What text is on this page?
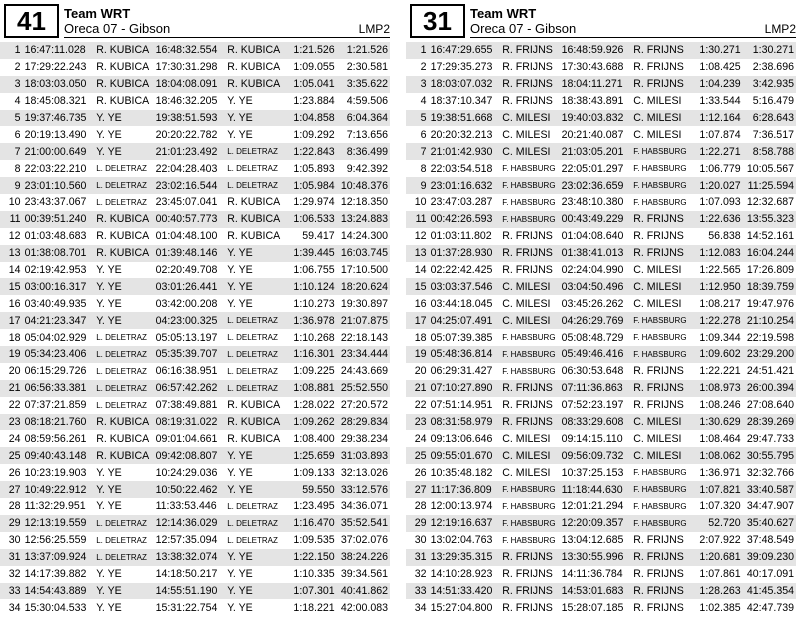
41	Team WRT
Oreca 07 - Gibson	LMP2
1	16:47:11.028	R. KUBICA	16:48:32.554	R. KUBICA	1:21.526	1:21.526
2	17:29:22.243	R. KUBICA	17:30:31.298	R. KUBICA	1:09.055	2:30.581
3	18:03:03.050	R. KUBICA	18:04:08.091	R. KUBICA	1:05.041	3:35.622
4	18:45:08.321	R. KUBICA	18:46:32.205	Y. YE	1:23.884	4:59.506
5	19:37:46.735	Y. YE	19:38:51.593	Y. YE	1:04.858	6:04.364
6	20:19:13.490	Y. YE	20:20:22.782	Y. YE	1:09.292	7:13.656
7	21:00:00.649	Y. YE	21:01:23.492	L. DELETRAZ	1:22.843	8:36.499
8	22:03:22.210	L. DELETRAZ	22:04:28.403	L. DELETRAZ	1:05.893	9:42.392
9	23:01:10.560	L. DELETRAZ	23:02:16.544	L. DELETRAZ	1:05.984	10:48.376
10	23:43:37.067	L. DELETRAZ	23:45:07.041	R. KUBICA	1:29.974	12:18.350
11	00:39:51.240	R. KUBICA	00:40:57.773	R. KUBICA	1:06.533	13:24.883
12	01:03:48.683	R. KUBICA	01:04:48.100	R. KUBICA	59.417	14:24.300
13	01:38:08.701	R. KUBICA	01:39:48.146	Y. YE	1:39.445	16:03.745
14	02:19:42.953	Y. YE	02:20:49.708	Y. YE	1:06.755	17:10.500
15	03:00:16.317	Y. YE	03:01:26.441	Y. YE	1:10.124	18:20.624
16	03:40:49.935	Y. YE	03:42:00.208	Y. YE	1:10.273	19:30.897
17	04:21:23.347	Y. YE	04:23:00.325	L. DELETRAZ	1:36.978	21:07.875
18	05:04:02.929	L. DELETRAZ	05:05:13.197	L. DELETRAZ	1:10.268	22:18.143
19	05:34:23.406	L. DELETRAZ	05:35:39.707	L. DELETRAZ	1:16.301	23:34.444
20	06:15:29.726	L. DELETRAZ	06:16:38.951	L. DELETRAZ	1:09.225	24:43.669
21	06:56:33.381	L. DELETRAZ	06:57:42.262	L. DELETRAZ	1:08.881	25:52.550
22	07:37:21.859	L. DELETRAZ	07:38:49.881	R. KUBICA	1:28.022	27:20.572
23	08:18:21.760	R. KUBICA	08:19:31.022	R. KUBICA	1:09.262	28:29.834
24	08:59:56.261	R. KUBICA	09:01:04.661	R. KUBICA	1:08.400	29:38.234
25	09:40:43.148	R. KUBICA	09:42:08.807	Y. YE	1:25.659	31:03.893
26	10:23:19.903	Y. YE	10:24:29.036	Y. YE	1:09.133	32:13.026
27	10:49:22.912	Y. YE	10:50:22.462	Y. YE	59.550	33:12.576
28	11:32:29.951	Y. YE	11:33:53.446	L. DELETRAZ	1:23.495	34:36.071
29	12:13:19.559	L. DELETRAZ	12:14:36.029	L. DELETRAZ	1:16.470	35:52.541
30	12:56:25.559	L. DELETRAZ	12:57:35.094	L. DELETRAZ	1:09.535	37:02.076
31	13:37:09.924	L. DELETRAZ	13:38:32.074	Y. YE	1:22.150	38:24.226
32	14:17:39.882	Y. YE	14:18:50.217	Y. YE	1:10.335	39:34.561
33	14:54:43.889	Y. YE	14:55:51.190	Y. YE	1:07.301	40:41.862
34	15:30:04.533	Y. YE	15:31:22.754	Y. YE	1:18.221	42:00.083
31	Team WRT
Oreca 07 - Gibson	LMP2
1	16:47:29.655	R. FRIJNS	16:48:59.926	R. FRIJNS	1:30.271	1:30.271
2	17:29:35.273	R. FRIJNS	17:30:43.688	R. FRIJNS	1:08.425	2:38.696
3	18:03:07.032	R. FRIJNS	18:04:11.271	R. FRIJNS	1:04.239	3:42.935
4	18:37:10.347	R. FRIJNS	18:38:43.891	C. MILESI	1:33.544	5:16.479
5	19:38:51.668	C. MILESI	19:40:03.832	C. MILESI	1:12.164	6:28.643
6	20:20:32.213	C. MILESI	20:21:40.087	C. MILESI	1:07.874	7:36.517
7	21:01:42.930	C. MILESI	21:03:05.201	F. HABSBURG	1:22.271	8:58.788
8	22:03:54.518	F. HABSBURG	22:05:01.297	F. HABSBURG	1:06.779	10:05.567
9	23:01:16.632	F. HABSBURG	23:02:36.659	F. HABSBURG	1:20.027	11:25.594
10	23:47:03.287	F. HABSBURG	23:48:10.380	F. HABSBURG	1:07.093	12:32.687
11	00:42:26.593	F. HABSBURG	00:43:49.229	R. FRIJNS	1:22.636	13:55.323
12	01:03:11.802	R. FRIJNS	01:04:08.640	R. FRIJNS	56.838	14:52.161
13	01:37:28.930	R. FRIJNS	01:38:41.013	R. FRIJNS	1:12.083	16:04.244
14	02:22:42.425	R. FRIJNS	02:24:04.990	C. MILESI	1:22.565	17:26.809
15	03:03:37.546	C. MILESI	03:04:50.496	C. MILESI	1:12.950	18:39.759
16	03:44:18.045	C. MILESI	03:45:26.262	C. MILESI	1:08.217	19:47.976
17	04:25:07.491	C. MILESI	04:26:29.769	F. HABSBURG	1:22.278	21:10.254
18	05:07:39.385	F. HABSBURG	05:08:48.729	F. HABSBURG	1:09.344	22:19.598
19	05:48:36.814	F. HABSBURG	05:49:46.416	F. HABSBURG	1:09.602	23:29.200
20	06:29:31.427	F. HABSBURG	06:30:53.648	R. FRIJNS	1:22.221	24:51.421
21	07:10:27.890	R. FRIJNS	07:11:36.863	R. FRIJNS	1:08.973	26:00.394
22	07:51:14.951	R. FRIJNS	07:52:23.197	R. FRIJNS	1:08.246	27:08.640
23	08:31:58.979	R. FRIJNS	08:33:29.608	C. MILESI	1:30.629	28:39.269
24	09:13:06.646	C. MILESI	09:14:15.110	C. MILESI	1:08.464	29:47.733
25	09:55:01.670	C. MILESI	09:56:09.732	C. MILESI	1:08.062	30:55.795
26	10:35:48.182	C. MILESI	10:37:25.153	F. HABSBURG	1:36.971	32:32.766
27	11:17:36.809	F. HABSBURG	11:18:44.630	F. HABSBURG	1:07.821	33:40.587
28	12:00:13.974	F. HABSBURG	12:01:21.294	F. HABSBURG	1:07.320	34:47.907
29	12:19:16.637	F. HABSBURG	12:20:09.357	F. HABSBURG	52.720	35:40.627
30	13:02:04.763	F. HABSBURG	13:04:12.685	R. FRIJNS	2:07.922	37:48.549
31	13:29:35.315	R. FRIJNS	13:30:55.996	R. FRIJNS	1:20.681	39:09.230
32	14:10:28.923	R. FRIJNS	14:11:36.784	R. FRIJNS	1:07.861	40:17.091
33	14:51:33.420	R. FRIJNS	14:53:01.683	R. FRIJNS	1:28.263	41:45.354
34	15:27:04.800	R. FRIJNS	15:28:07.185	R. FRIJNS	1:02.385	42:47.739
